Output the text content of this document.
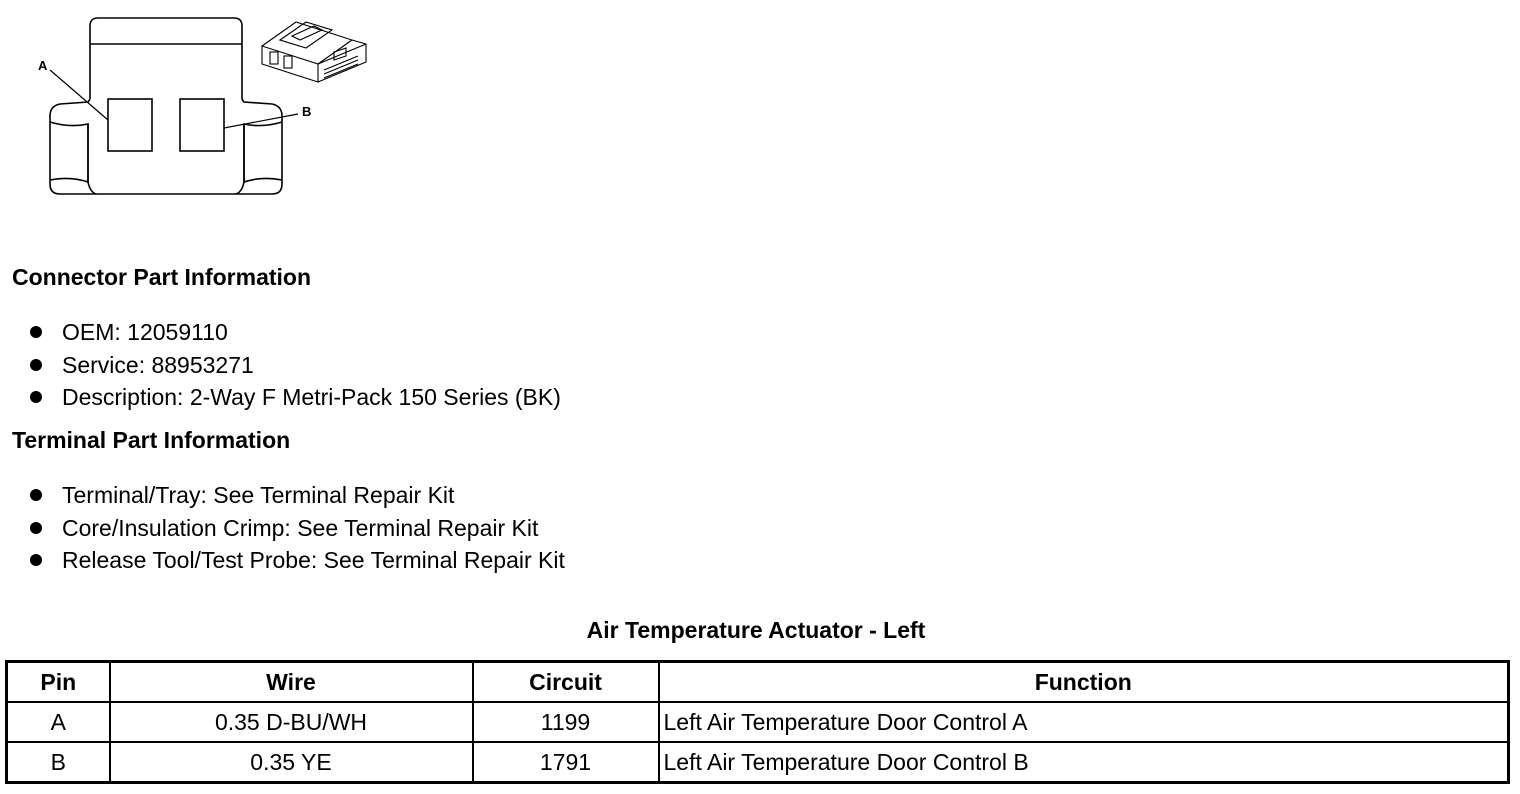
A
B
Connector Part Information
OEM: 12059110
Service: 88953271
Description: 2-Way F Metri-Pack 150 Series (BK)
Terminal Part Information
Terminal/Tray: See Terminal Repair Kit
Core/Insulation Crimp: See Terminal Repair Kit
Release Tool/Test Probe: See Terminal Repair Kit
Air Temperature Actuator - Left
Pin	Wire	Circuit	Function
A	0.35 D-BU/WH	1199	Left Air Temperature Door Control A
B	0.35 YE	1791	Left Air Temperature Door Control B
